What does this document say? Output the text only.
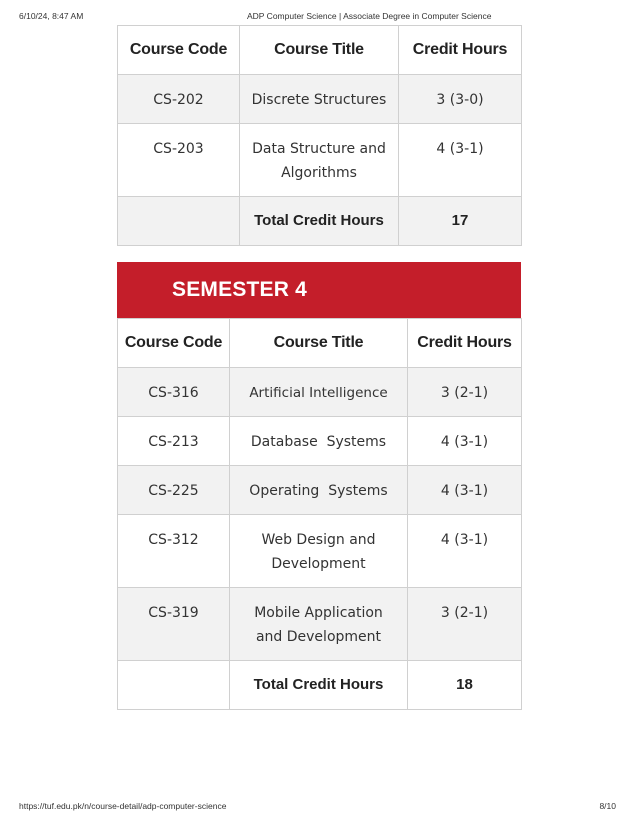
6/10/24, 8:47 AM	ADP Computer Science | Associate Degree in Computer Science
Course Code	Course Title	Credit Hours
CS-202	Discrete Structures	3 (3-0)
CS-203	Data Structure and Algorithms	4 (3-1)
	Total Credit Hours	17
SEMESTER 4
Course Code	Course Title	Credit Hours
CS-316	Artificial Intelligence	3 (2-1)
CS-213	Database  Systems	4 (3-1)
CS-225	Operating  Systems	4 (3-1)
CS-312	Web Design and Development	4 (3-1)
CS-319	Mobile Application and Development	3 (2-1)
	Total Credit Hours	18
https://tuf.edu.pk/n/course-detail/adp-computer-science	8/10
